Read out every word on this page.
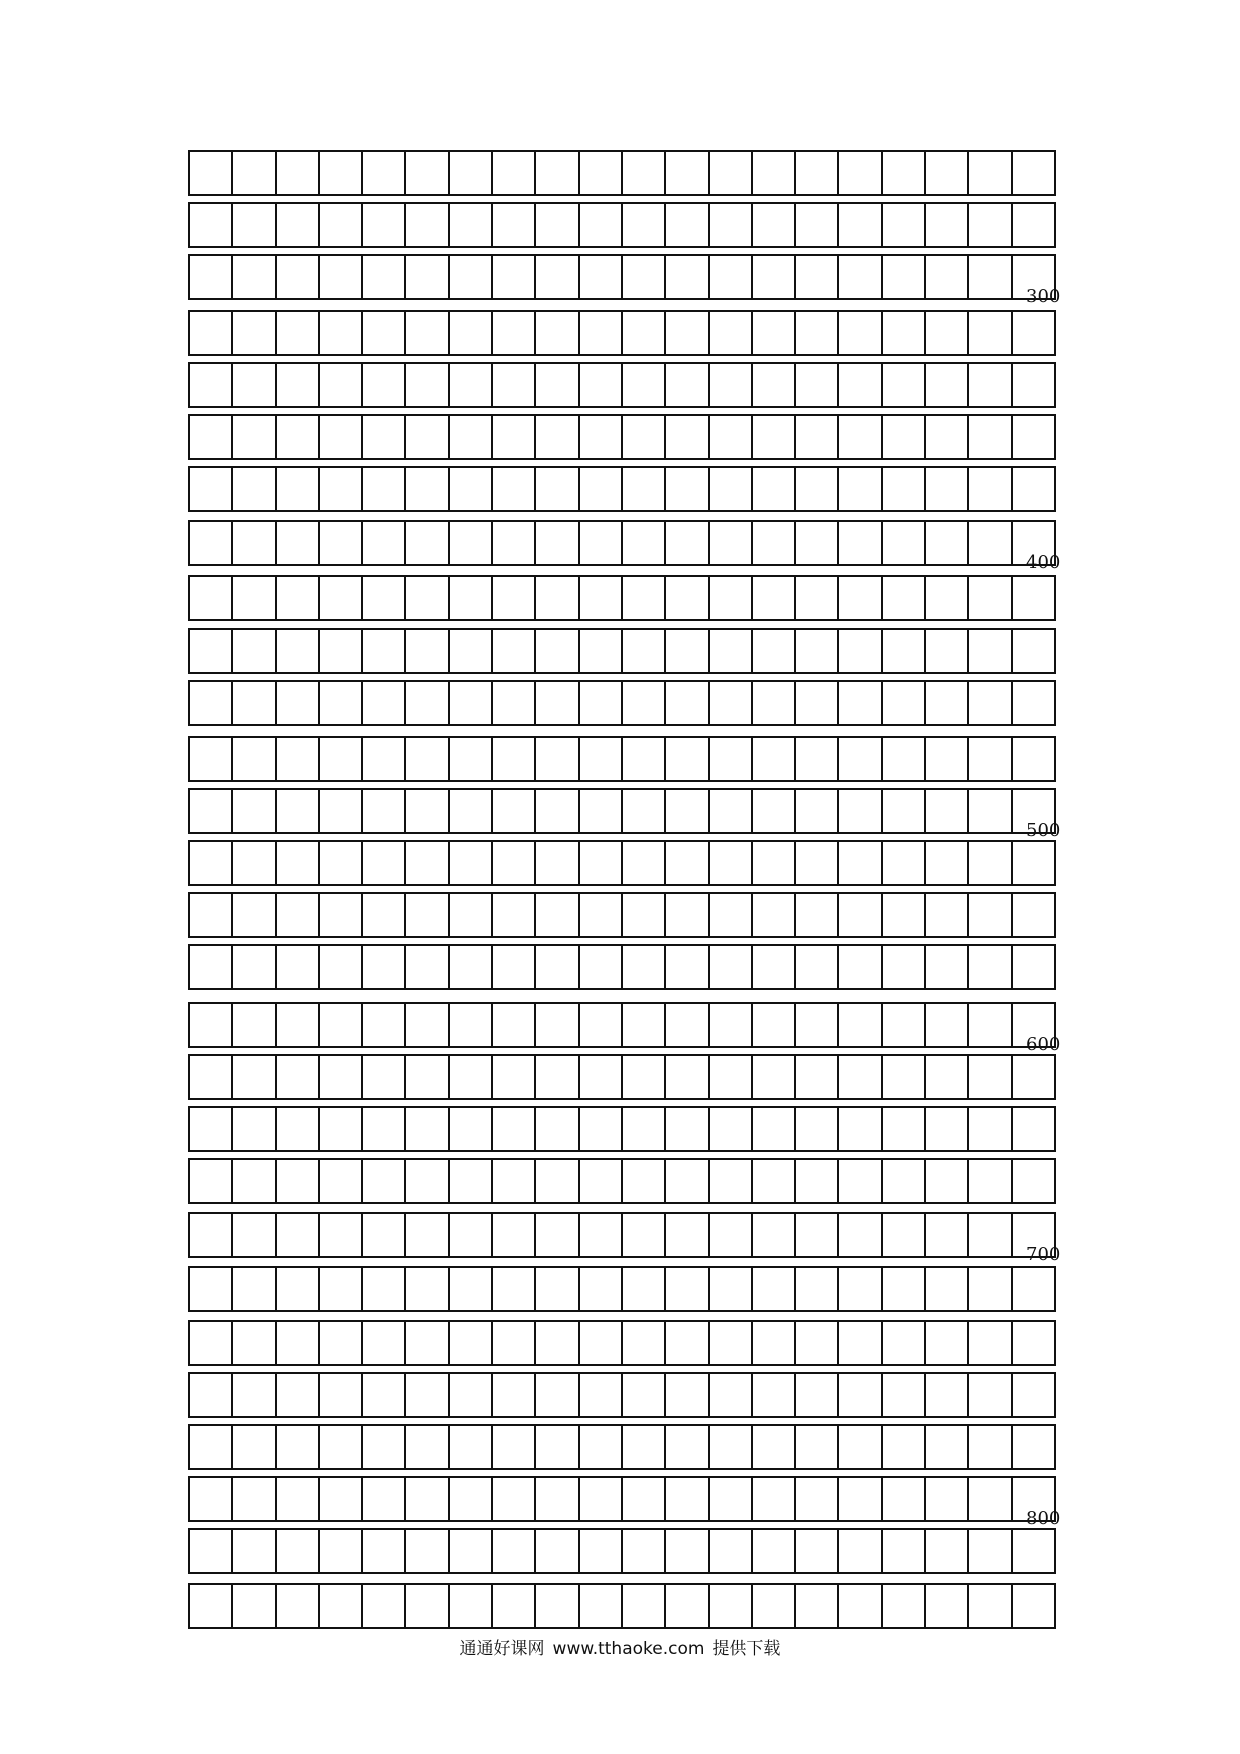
300
400
500
600
700
800
通通好课网 www.tthaoke.com 提供下载
